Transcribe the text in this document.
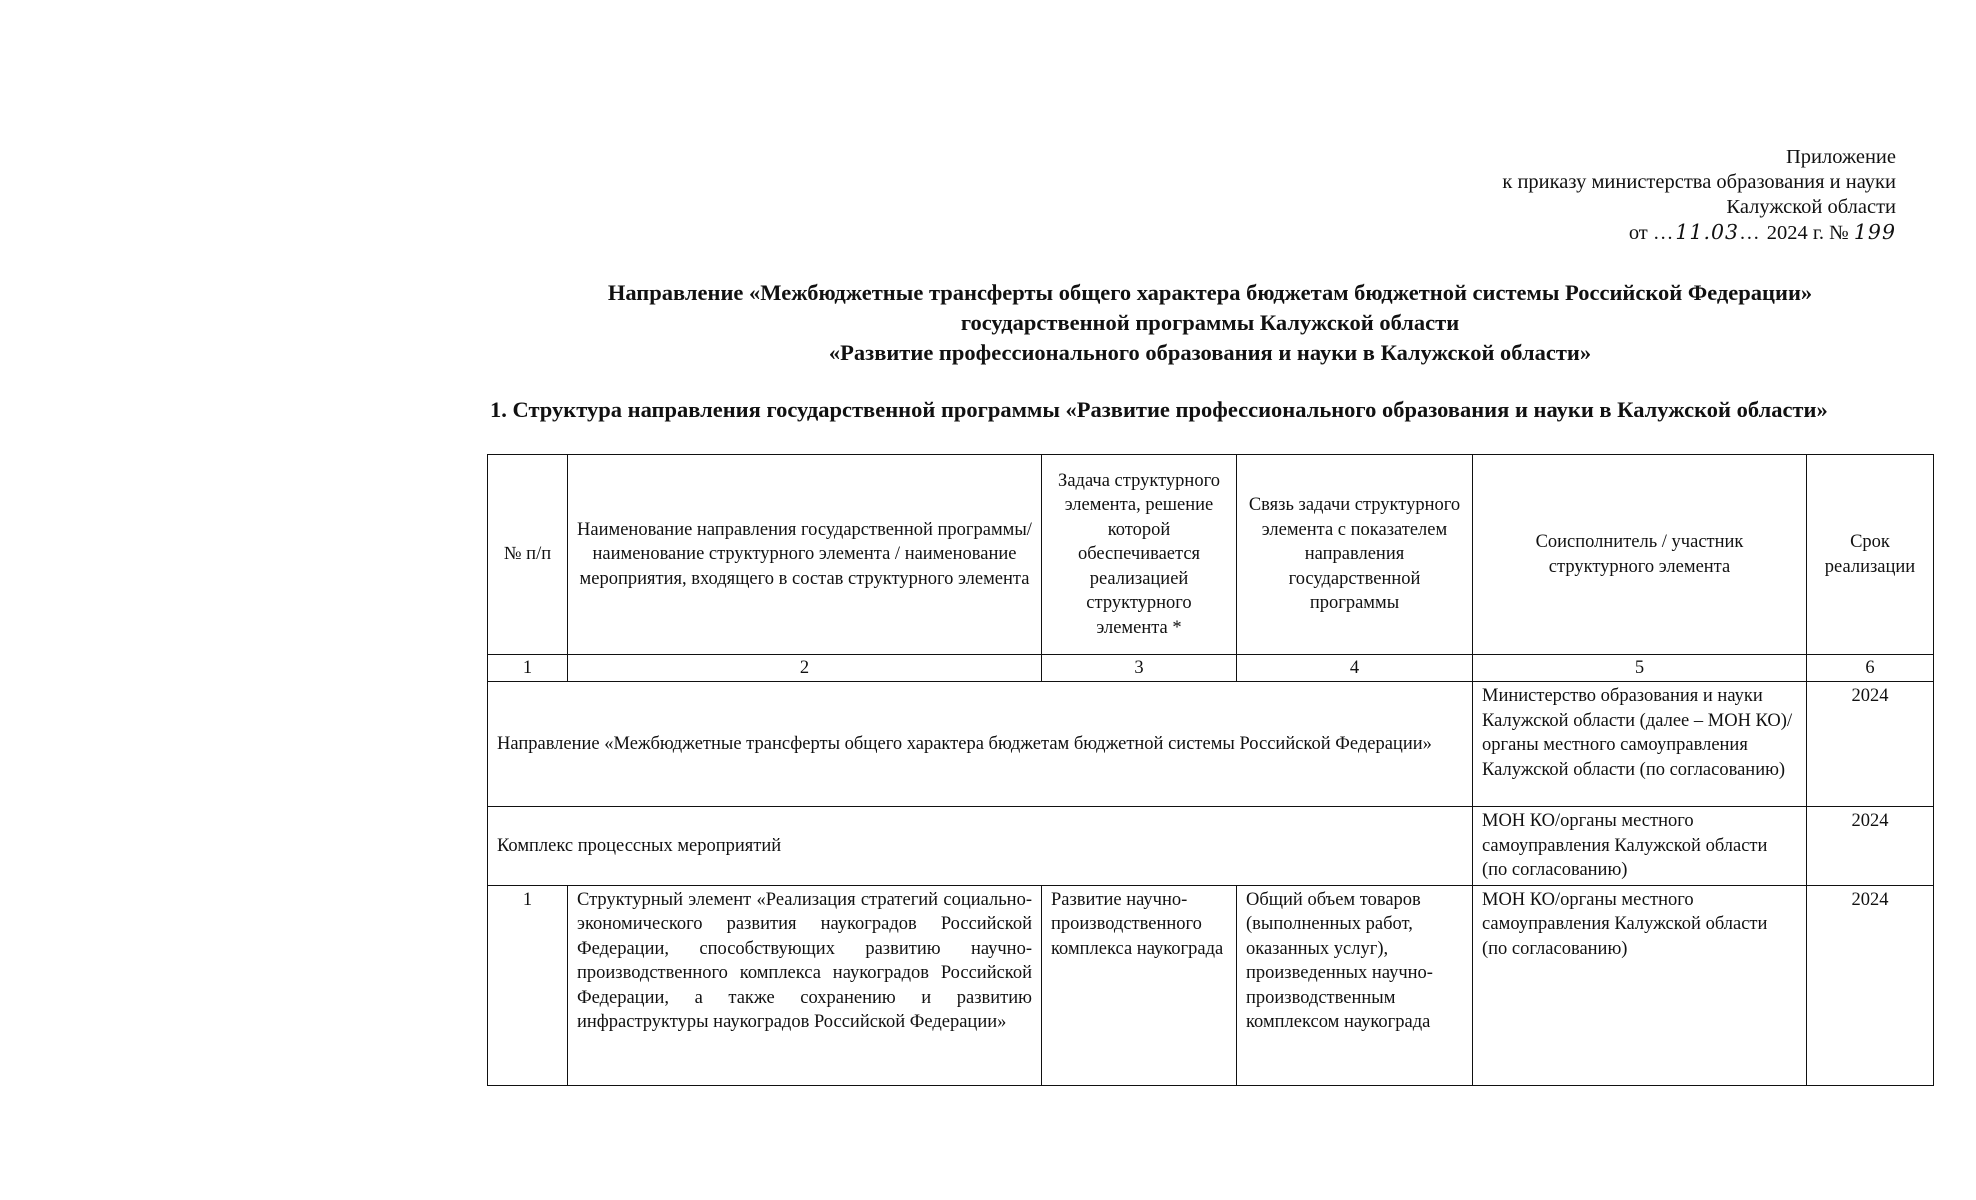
Приложение
к приказу министерства образования и науки
Калужской области
от …11.03… 2024 г. № 199
Направление «Межбюджетные трансферты общего характера бюджетам бюджетной системы Российской Федерации»
государственной программы Калужской области
«Развитие профессионального образования и науки в Калужской области»
1. Структура направления государственной программы «Развитие профессионального образования и науки в Калужской области»
№ п/п	Наименование направления государственной программы/ наименование структурного элемента / наименование мероприятия, входящего в состав структурного элемента	Задача структурного элемента, решение которой обеспечивается реализацией структурного элемента *	Связь задачи структурного элемента с показателем направления государственной программы	Соисполнитель / участник структурного элемента	Срок реализации
1	2	3	4	5	6
Направление «Межбюджетные трансферты общего характера бюджетам бюджетной системы Российской Федерации»				Министерство образования и науки Калужской области (далее – МОН КО)/ органы местного самоуправления Калужской области (по согласованию)	2024
Комплекс процессных мероприятий				МОН КО/органы местного самоуправления Калужской области (по согласованию)	2024
1	Структурный элемент «Реализация стратегий социально-экономического развития наукоградов Российской Федерации, способствующих развитию научно-производственного комплекса наукоградов Российской Федерации, а также сохранению и развитию инфраструктуры наукоградов Российской Федерации»	Развитие научно-производственного комплекса наукограда	Общий объем товаров (выполненных работ, оказанных услуг), произведенных научно-производственным комплексом наукограда	МОН КО/органы местного самоуправления Калужской области (по согласованию)	2024
